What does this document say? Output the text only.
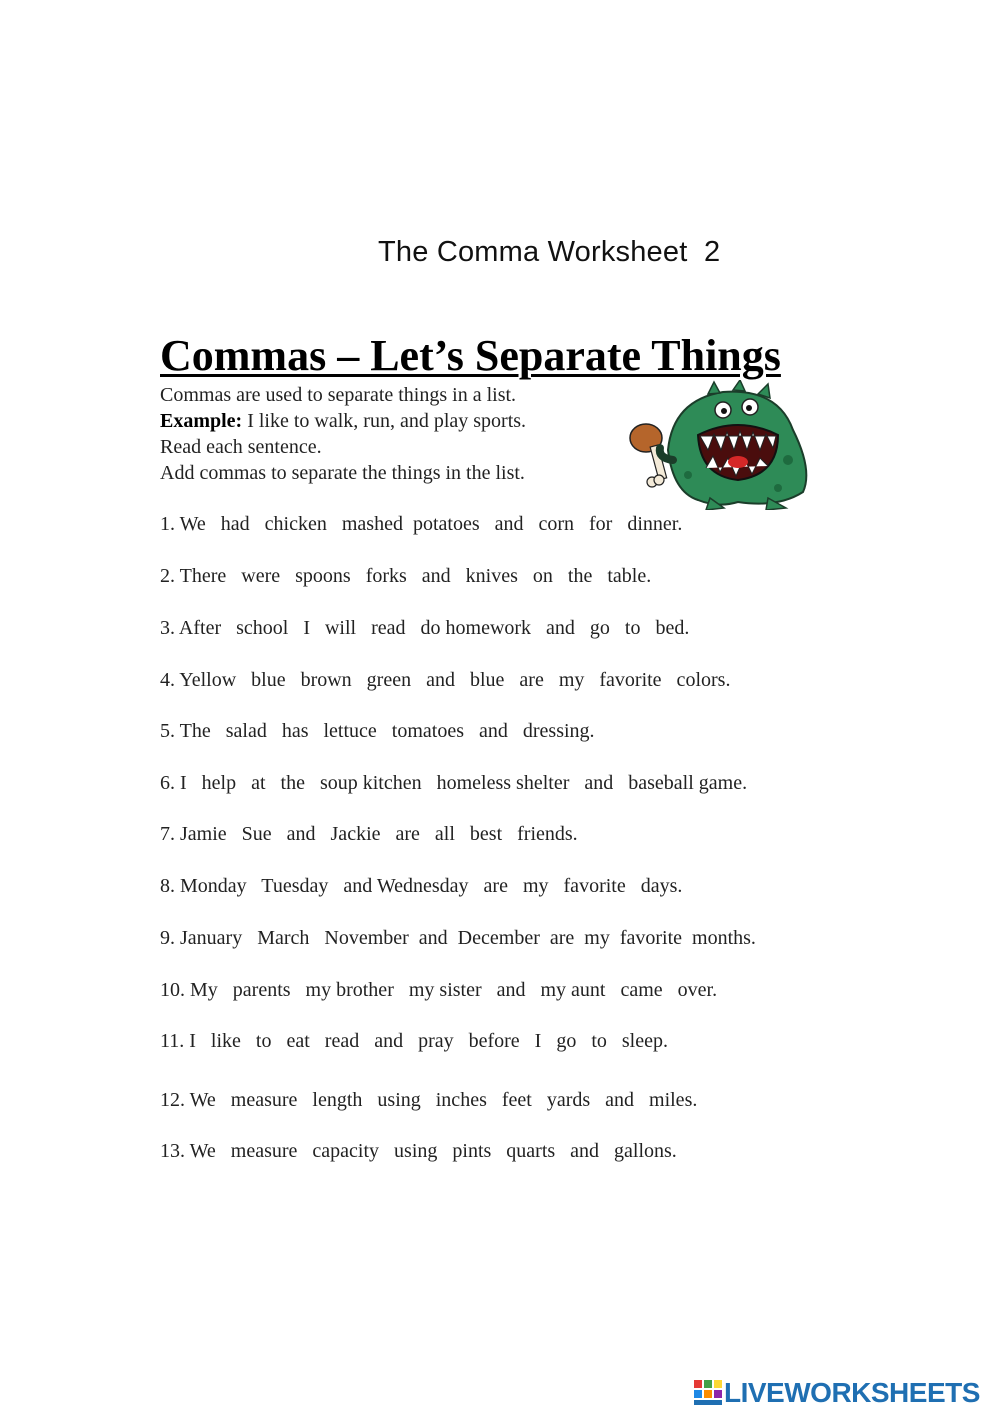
The Comma Worksheet  2
Commas – Let’s Separate Things
Commas are used to separate things in a list.
Example: I like to walk, run, and play sports.
Read each sentence.
Add commas to separate the things in the list.
1. We   had   chicken   mashed  potatoes   and   corn   for   dinner.
2. There   were   spoons   forks   and   knives   on   the   table.
3. After   school   I   will   read   do homework   and   go   to   bed.
4. Yellow   blue   brown   green   and   blue   are   my   favorite   colors.
5. The   salad   has   lettuce   tomatoes   and   dressing.
6. I   help   at   the   soup kitchen   homeless shelter   and   baseball game.
7. Jamie   Sue   and   Jackie   are   all   best   friends.
8. Monday   Tuesday   and Wednesday   are   my   favorite   days.
9. January   March   November  and  December  are  my  favorite  months.
10. My   parents   my brother   my sister   and   my aunt   came   over.
11. I   like   to   eat   read   and   pray   before   I   go   to   sleep.
12. We   measure   length   using   inches   feet   yards   and   miles.
13. We   measure   capacity   using   pints   quarts   and   gallons.
LIVEWORKSHEETS
